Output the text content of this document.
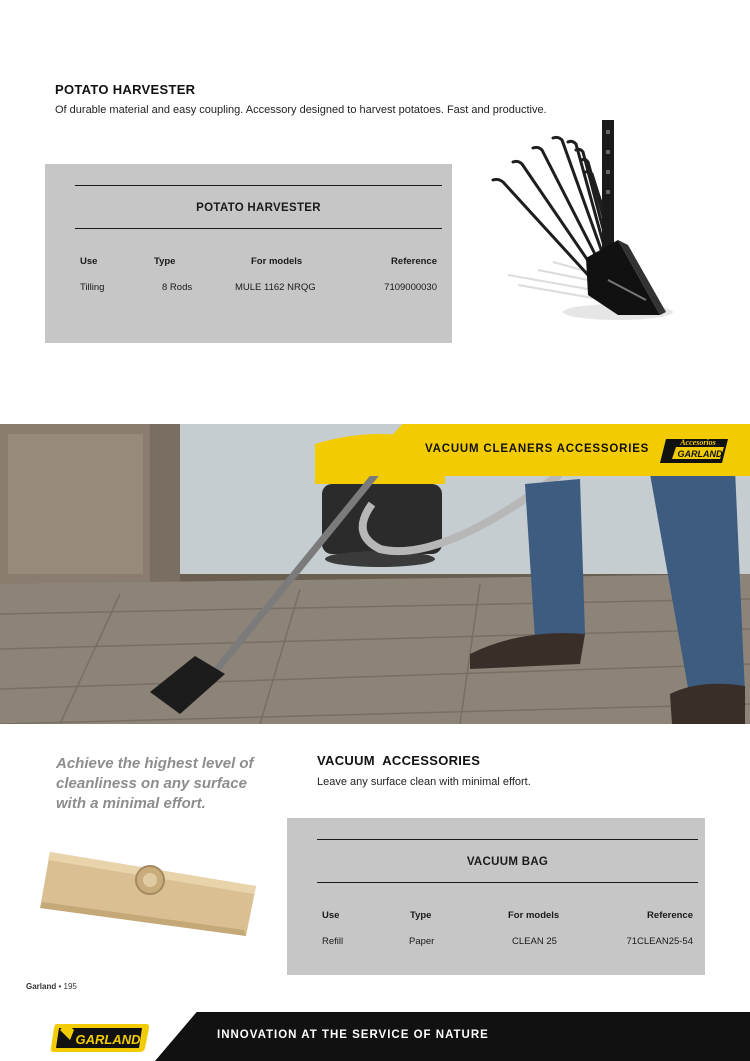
POTATO HARVESTER
Of durable material and easy coupling. Accessory designed to harvest potatoes. Fast and productive.
POTATO HARVESTER
Use	Type	For models	Reference
Tilling	8 Rods	MULE 1162 NRQG	7109000030
VACUUM CLEANERS ACCESSORIES
Accesorios
GARLAND
Achieve the highest level of cleanliness on any surface with a minimal effort.
VACUUM  ACCESSORIES
Leave any surface clean with minimal effort.
VACUUM BAG
Use	Type	For models	Reference
Refill	Paper	CLEAN 25	71CLEAN25-54
Garland • 195
INNOVATION AT THE SERVICE OF NATURE
GARLAND
